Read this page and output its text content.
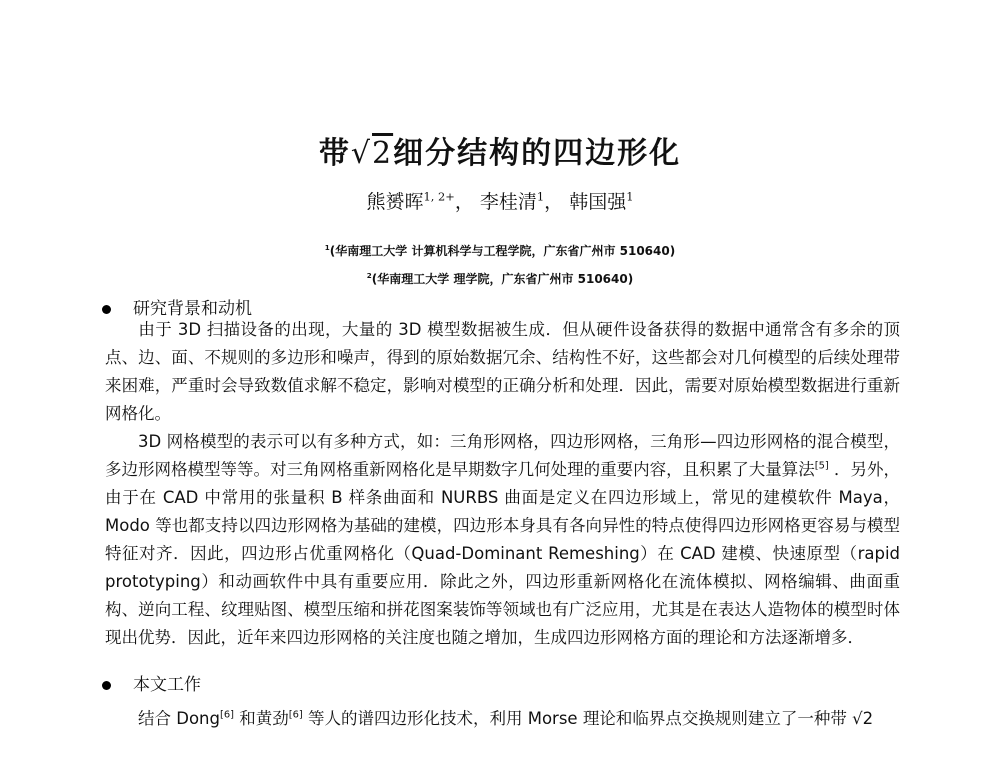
带√2细分结构的四边形化
熊赟晖$^{1, 2+}$， 李桂清$^1$， 韩国强$^1$
$^1$(华南理工大学 计算机科学与工程学院，广东省广州市 510640)
$^2$(华南理工大学 理学院，广东省广州市 510640)
研究背景和动机
由于 3D 扫描设备的出现，大量的 3D 模型数据被生成．但从硬件设备获得的数据中通常含有多余的顶点、边、面、不规则的多边形和噪声，得到的原始数据冗余、结构性不好，这些都会对几何模型的后续处理带来困难，严重时会导致数值求解不稳定，影响对模型的正确分析和处理．因此，需要对原始模型数据进行重新网格化。
3D 网格模型的表示可以有多种方式，如：三角形网格，四边形网格，三角形—四边形网格的混合模型，多边形网格模型等等。对三角网格重新网格化是早期数字几何处理的重要内容，且积累了大量算法[5] ．另外，由于在 CAD 中常用的张量积 B 样条曲面和 NURBS 曲面是定义在四边形域上，常见的建模软件 Maya，Modo 等也都支持以四边形网格为基础的建模，四边形本身具有各向异性的特点使得四边形网格更容易与模型特征对齐．因此，四边形占优重网格化（Quad-Dominant Remeshing）在 CAD 建模、快速原型（rapid prototyping）和动画软件中具有重要应用．除此之外，四边形重新网格化在流体模拟、网格编辑、曲面重构、逆向工程、纹理贴图、模型压缩和拼花图案装饰等领域也有广泛应用，尤其是在表达人造物体的模型时体现出优势．因此，近年来四边形网格的关注度也随之增加，生成四边形网格方面的理论和方法逐渐增多．
本文工作
结合 Dong[6] 和黄劲[6] 等人的谱四边形化技术，利用 Morse 理论和临界点交换规则建立了一种带 √2
